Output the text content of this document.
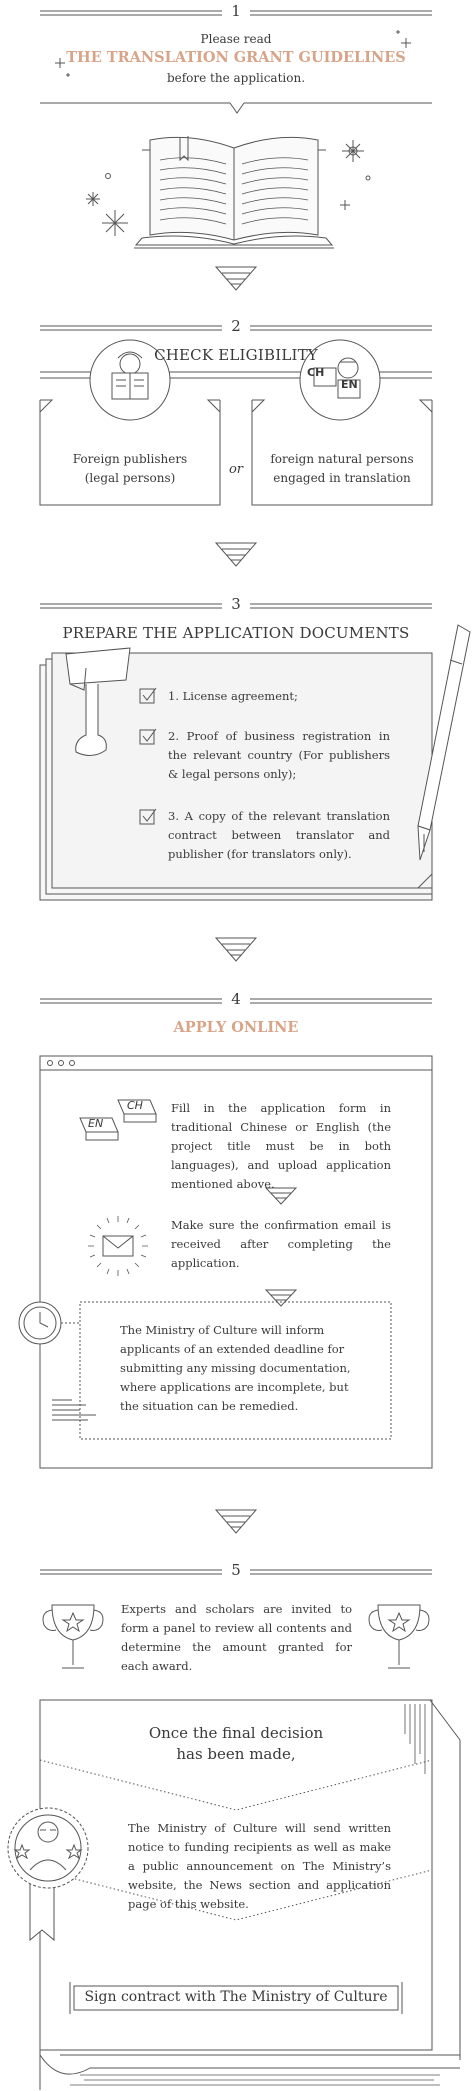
1
Please read
THE TRANSLATION GRANT GUIDELINES
before the application.
2
CHECK ELIGIBILITY
CH
EN
Foreign publishers
(legal persons)
or
foreign natural persons
engaged in translation
3
PREPARE THE APPLICATION DOCUMENTS
1. License agreement;
2. Proof of business registration in the relevant country (For publishers & legal persons only);
3. A copy of the relevant translation contract between translator and publisher (for translators only).
4
APPLY ONLINE
CH
EN
Fill in the application form in traditional Chinese or English (the project title must be in both languages), and upload application mentioned above.
Make sure the confirmation email is received after completing the application.
The Ministry of Culture will inform applicants of an extended deadline for submitting any missing documentation, where applications are incomplete, but the situation can be remedied.
5
Experts and scholars are invited to form a panel to review all contents and determine the amount granted for each award.
Once the final decision
has been made,
The Ministry of Culture will send written notice to funding recipients as well as make a public announcement on The Ministry’s website, the News section and application page of this website.
Sign contract with The Ministry of Culture
